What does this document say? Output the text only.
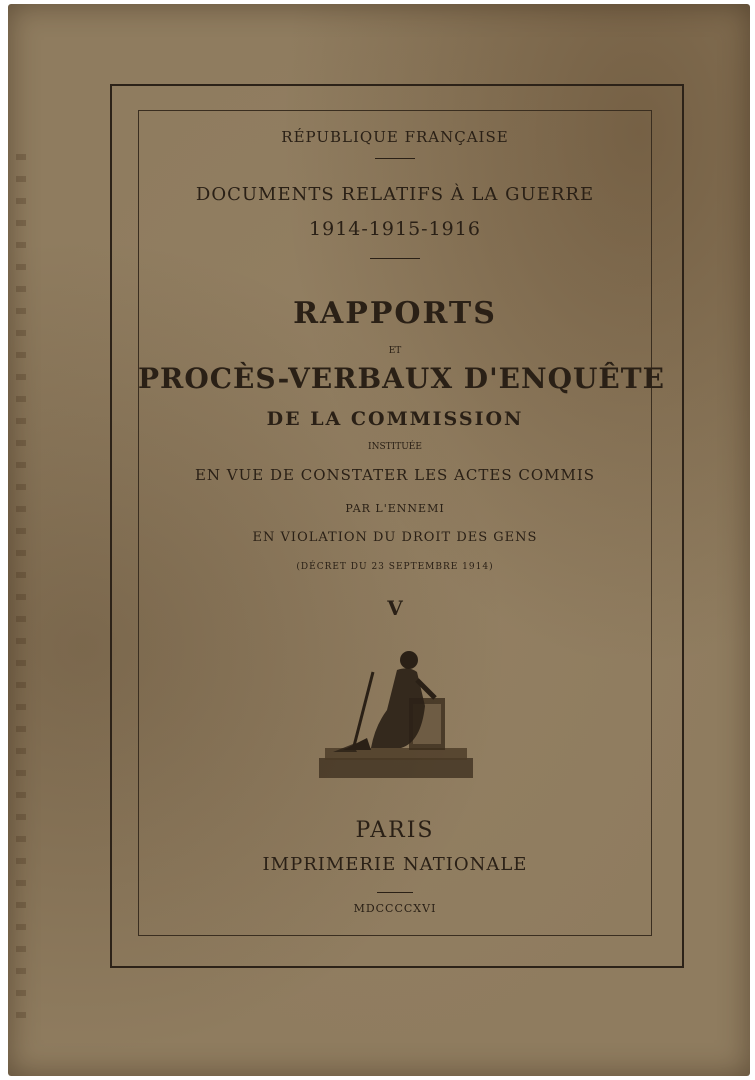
RÉPUBLIQUE FRANÇAISE
DOCUMENTS RELATIFS À LA GUERRE
1914-1915-1916
RAPPORTS
ET
PROCÈS-VERBAUX D'ENQUÊTE
DE LA COMMISSION
INSTITUÉE
EN VUE DE CONSTATER LES ACTES COMMIS
PAR L'ENNEMI
EN VIOLATION DU DROIT DES GENS
(DÉCRET DU 23 SEPTEMBRE 1914)
V
PARIS
IMPRIMERIE NATIONALE
MDCCCCXVI
